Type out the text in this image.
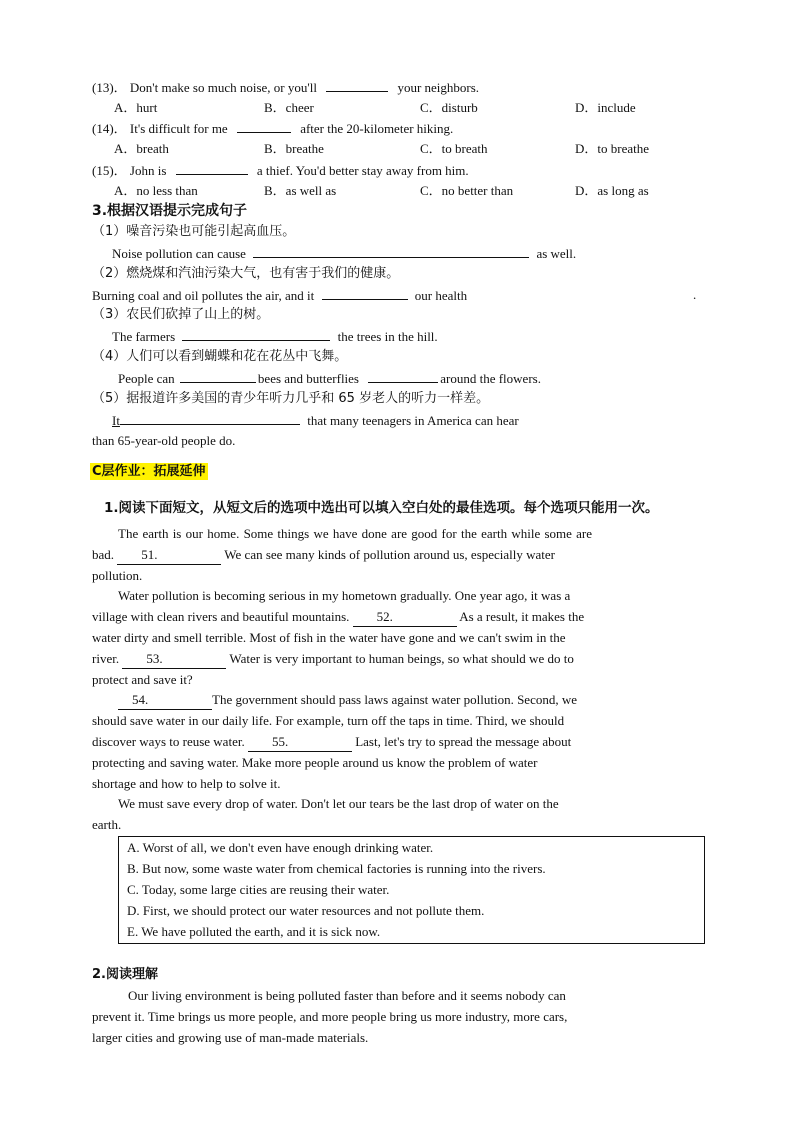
(13)． Don't make so much noise, or you'll	your neighbors.
A．hurt	B．cheer	C．disturb	D．include
(14)． It's difficult for me	after the 20-kilometer hiking.
A．breath	B．breathe	C．to breath	D．to breathe
(15)． John is	a thief. You'd better stay away from him.
A．no less than	B．as well as	C．no better than	D．as long as
3.根据汉语提示完成句子
（1）噪音污染也可能引起高血压。
Noise pollution can cause	as well.
（2）燃烧煤和汽油污染大气，也有害于我们的健康。
Burning coal and oil pollutes the air, and it	our health	.
（3）农民们砍掉了山上的树。
The farmers	the trees in the hill.
（4）人们可以看到蝴蝶和花在花丛中飞舞。
People can	bees and butterflies	around the flowers.
（5）据报道许多美国的青少年听力几乎和 65 岁老人的听力一样差。
It	that many teenagers in America can hear
than 65-year-old people do.
C层作业：拓展延伸
1.阅读下面短文，从短文后的选项中选出可以填入空白处的最佳选项。每个选项只能用一次。
The earth is our home. Some things we have done are good for the earth while some are
bad. 51.	We can see many kinds of pollution around us, especially water
pollution.
Water pollution is becoming serious in my hometown gradually. One year ago, it was a
village with clean rivers and beautiful mountains. 52.	As a result, it makes the
water dirty and smell terrible. Most of fish in the water have gone and we can't swim in the
river. 53.	Water is very important to human beings, so what should we do to
protect and save it?
54.	The government should pass laws against water pollution. Second, we
should save water in our daily life. For example, turn off the taps in time. Third, we should
discover ways to reuse water. 55.	Last, let's try to spread the message about
protecting and saving water. Make more people around us know the problem of water
shortage and how to help to solve it.
We must save every drop of water. Don't let our tears be the last drop of water on the
earth.
A. Worst of all, we don't even have enough drinking water.
B. But now, some waste water from chemical factories is running into the rivers.
C. Today, some large cities are reusing their water.
D. First, we should protect our water resources and not pollute them.
E. We have polluted the earth, and it is sick now.
2.阅读理解
Our living environment is being polluted faster than before and it seems nobody can
prevent it. Time brings us more people, and more people bring us more industry, more cars,
larger cities and growing use of man-made materials.
